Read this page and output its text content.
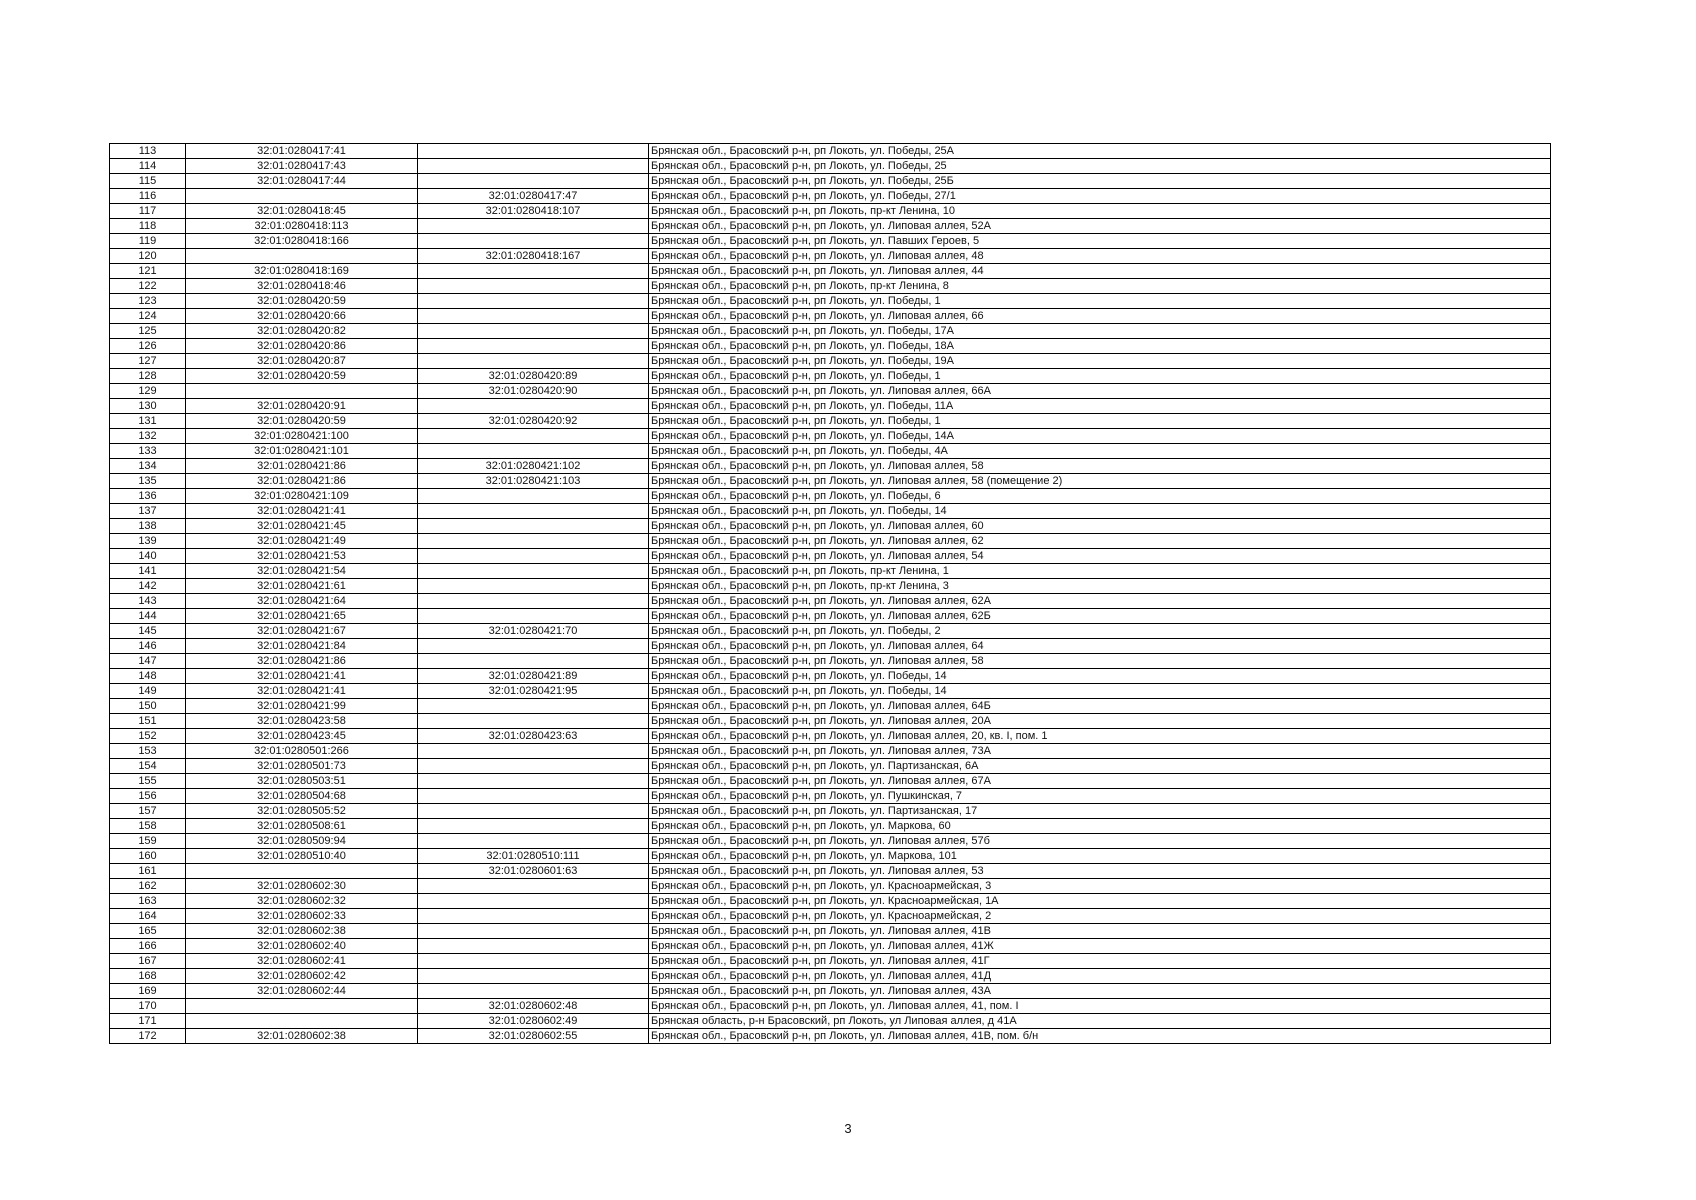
113	32:01:0280417:41		Брянская обл., Брасовский р-н, рп Локоть, ул. Победы, 25А
114	32:01:0280417:43		Брянская обл., Брасовский р-н, рп Локоть, ул. Победы, 25
115	32:01:0280417:44		Брянская обл., Брасовский р-н, рп Локоть, ул. Победы, 25Б
116		32:01:0280417:47	Брянская обл., Брасовский р-н, рп Локоть, ул. Победы, 27/1
117	32:01:0280418:45	32:01:0280418:107	Брянская обл., Брасовский р-н, рп Локоть, пр-кт Ленина, 10
118	32:01:0280418:113		Брянская обл., Брасовский р-н, рп Локоть, ул. Липовая аллея, 52А
119	32:01:0280418:166		Брянская обл., Брасовский р-н, рп Локоть, ул. Павших Героев, 5
120		32:01:0280418:167	Брянская обл., Брасовский р-н, рп Локоть, ул. Липовая аллея, 48
121	32:01:0280418:169		Брянская обл., Брасовский р-н, рп Локоть, ул. Липовая аллея, 44
122	32:01:0280418:46		Брянская обл., Брасовский р-н, рп Локоть, пр-кт Ленина, 8
123	32:01:0280420:59		Брянская обл., Брасовский р-н, рп Локоть, ул. Победы, 1
124	32:01:0280420:66		Брянская обл., Брасовский р-н, рп Локоть, ул. Липовая аллея, 66
125	32:01:0280420:82		Брянская обл., Брасовский р-н, рп Локоть, ул. Победы, 17А
126	32:01:0280420:86		Брянская обл., Брасовский р-н, рп Локоть, ул. Победы, 18А
127	32:01:0280420:87		Брянская обл., Брасовский р-н, рп Локоть, ул. Победы, 19А
128	32:01:0280420:59	32:01:0280420:89	Брянская обл., Брасовский р-н, рп Локоть, ул. Победы, 1
129		32:01:0280420:90	Брянская обл., Брасовский р-н, рп Локоть, ул. Липовая аллея, 66А
130	32:01:0280420:91		Брянская обл., Брасовский р-н, рп Локоть, ул. Победы, 11А
131	32:01:0280420:59	32:01:0280420:92	Брянская обл., Брасовский р-н, рп Локоть, ул. Победы, 1
132	32:01:0280421:100		Брянская обл., Брасовский р-н, рп Локоть, ул. Победы, 14А
133	32:01:0280421:101		Брянская обл., Брасовский р-н, рп Локоть, ул. Победы, 4А
134	32:01:0280421:86	32:01:0280421:102	Брянская обл., Брасовский р-н, рп Локоть, ул. Липовая аллея, 58
135	32:01:0280421:86	32:01:0280421:103	Брянская обл., Брасовский р-н, рп Локоть, ул. Липовая аллея, 58 (помещение 2)
136	32:01:0280421:109		Брянская обл., Брасовский р-н, рп Локоть, ул. Победы, 6
137	32:01:0280421:41		Брянская обл., Брасовский р-н, рп Локоть, ул. Победы, 14
138	32:01:0280421:45		Брянская обл., Брасовский р-н, рп Локоть, ул. Липовая аллея, 60
139	32:01:0280421:49		Брянская обл., Брасовский р-н, рп Локоть, ул. Липовая аллея, 62
140	32:01:0280421:53		Брянская обл., Брасовский р-н, рп Локоть, ул. Липовая аллея, 54
141	32:01:0280421:54		Брянская обл., Брасовский р-н, рп Локоть, пр-кт Ленина, 1
142	32:01:0280421:61		Брянская обл., Брасовский р-н, рп Локоть, пр-кт Ленина, 3
143	32:01:0280421:64		Брянская обл., Брасовский р-н, рп Локоть, ул. Липовая аллея, 62А
144	32:01:0280421:65		Брянская обл., Брасовский р-н, рп Локоть, ул. Липовая аллея, 62Б
145	32:01:0280421:67	32:01:0280421:70	Брянская обл., Брасовский р-н, рп Локоть, ул. Победы, 2
146	32:01:0280421:84		Брянская обл., Брасовский р-н, рп Локоть, ул. Липовая аллея, 64
147	32:01:0280421:86		Брянская обл., Брасовский р-н, рп Локоть, ул. Липовая аллея, 58
148	32:01:0280421:41	32:01:0280421:89	Брянская обл., Брасовский р-н, рп Локоть, ул. Победы, 14
149	32:01:0280421:41	32:01:0280421:95	Брянская обл., Брасовский р-н, рп Локоть, ул. Победы, 14
150	32:01:0280421:99		Брянская обл., Брасовский р-н, рп Локоть, ул. Липовая аллея, 64Б
151	32:01:0280423:58		Брянская обл., Брасовский р-н, рп Локоть, ул. Липовая аллея, 20А
152	32:01:0280423:45	32:01:0280423:63	Брянская обл., Брасовский р-н, рп Локоть, ул. Липовая аллея, 20, кв. I, пом. 1
153	32:01:0280501:266		Брянская обл., Брасовский р-н, рп Локоть, ул. Липовая аллея, 73А
154	32:01:0280501:73		Брянская обл., Брасовский р-н, рп Локоть, ул. Партизанская, 6А
155	32:01:0280503:51		Брянская обл., Брасовский р-н, рп Локоть, ул. Липовая аллея, 67А
156	32:01:0280504:68		Брянская обл., Брасовский р-н, рп Локоть, ул. Пушкинская, 7
157	32:01:0280505:52		Брянская обл., Брасовский р-н, рп Локоть, ул. Партизанская, 17
158	32:01:0280508:61		Брянская обл., Брасовский р-н, рп Локоть, ул. Маркова, 60
159	32:01:0280509:94		Брянская обл., Брасовский р-н, рп Локоть, ул. Липовая аллея, 57б
160	32:01:0280510:40	32:01:0280510:111	Брянская обл., Брасовский р-н, рп Локоть, ул. Маркова, 101
161		32:01:0280601:63	Брянская обл., Брасовский р-н, рп Локоть, ул. Липовая аллея, 53
162	32:01:0280602:30		Брянская обл., Брасовский р-н, рп Локоть, ул. Красноармейская, 3
163	32:01:0280602:32		Брянская обл., Брасовский р-н, рп Локоть, ул. Красноармейская, 1А
164	32:01:0280602:33		Брянская обл., Брасовский р-н, рп Локоть, ул. Красноармейская, 2
165	32:01:0280602:38		Брянская обл., Брасовский р-н, рп Локоть, ул. Липовая аллея, 41В
166	32:01:0280602:40		Брянская обл., Брасовский р-н, рп Локоть, ул. Липовая аллея, 41Ж
167	32:01:0280602:41		Брянская обл., Брасовский р-н, рп Локоть, ул. Липовая аллея, 41Г
168	32:01:0280602:42		Брянская обл., Брасовский р-н, рп Локоть, ул. Липовая аллея, 41Д
169	32:01:0280602:44		Брянская обл., Брасовский р-н, рп Локоть, ул. Липовая аллея, 43А
170		32:01:0280602:48	Брянская обл., Брасовский р-н, рп Локоть, ул. Липовая аллея, 41, пом. I
171		32:01:0280602:49	Брянская область, р-н Брасовский, рп Локоть, ул Липовая аллея, д 41А
172	32:01:0280602:38	32:01:0280602:55	Брянская обл., Брасовский р-н, рп Локоть, ул. Липовая аллея, 41В, пом. б/н
3
